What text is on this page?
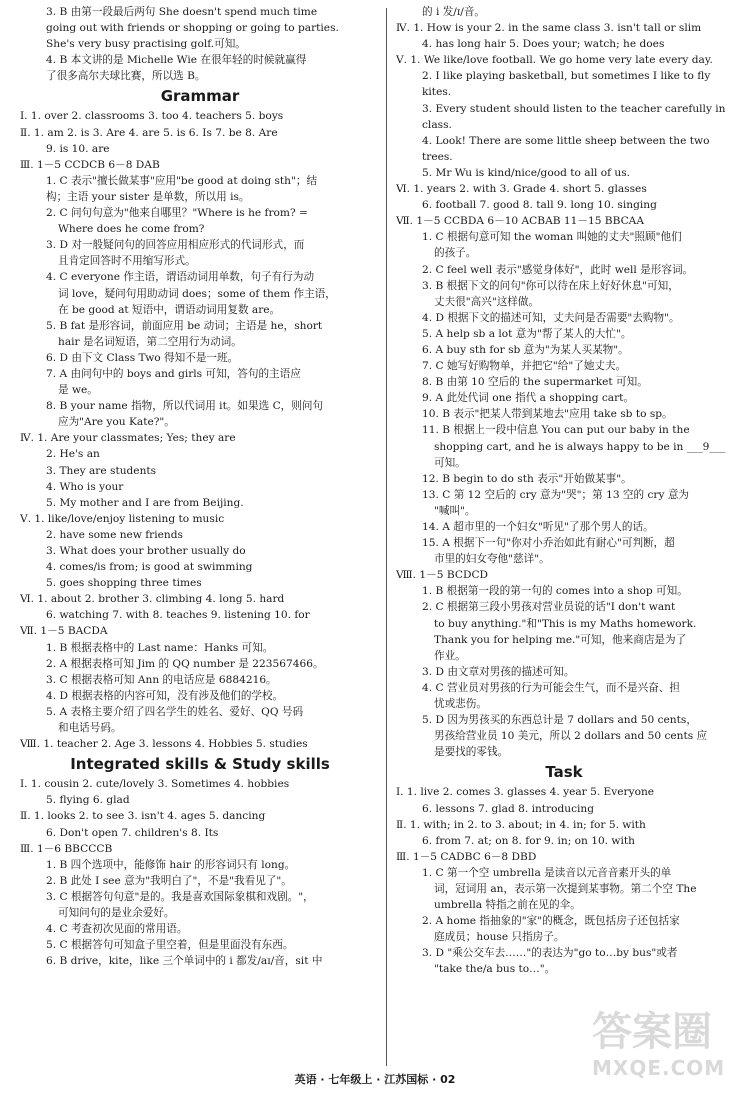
3. B 由第一段最后两句 She doesn't spend much time
going out with friends or shopping or going to parties.
She's very busy practising golf.可知。
4. B 本文讲的是 Michelle Wie 在很年轻的时候就赢得
了很多高尔夫球比赛，所以选 B。
Grammar
Ⅰ. 1. over 2. classrooms 3. too 4. teachers 5. boys
Ⅱ. 1. am 2. is 3. Are 4. are 5. is 6. Is 7. be 8. Are
9. is 10. are
Ⅲ. 1－5 CCDCB 6－8 DAB
1. C 表示"擅长做某事"应用"be good at doing sth"；结
构；主语 your sister 是单数，所以用 is。
2. C 问句句意为"他来自哪里？"Where is he from? =
Where does he come from?
3. D 对一般疑问句的回答应用相应形式的代词形式，而
且肯定回答时不用缩写形式。
4. C everyone 作主语，谓语动词用单数，句子有行为动
词 love，疑问句用助动词 does；some of them 作主语，
在 be good at 短语中，谓语动词用复数 are。
5. B fat 是形容词，前面应用 be 动词；主语是 he，short
hair 是名词短语，第二空用行为动词。
6. D 由下文 Class Two 得知不是一班。
7. A 由问句中的 boys and girls 可知，答句的主语应
是 we。
8. B your name 指物，所以代词用 it。如果选 C，则问句
应为"Are you Kate?"。
Ⅳ. 1. Are your classmates; Yes; they are
2. He's an
3. They are students
4. Who is your
5. My mother and I are from Beijing.
Ⅴ. 1. like/love/enjoy listening to music
2. have some new friends
3. What does your brother usually do
4. comes/is from; is good at swimming
5. goes shopping three times
Ⅵ. 1. about 2. brother 3. climbing 4. long 5. hard
6. watching 7. with 8. teaches 9. listening 10. for
Ⅶ. 1－5 BACDA
1. B 根据表格中的 Last name：Hanks 可知。
2. A 根据表格可知 Jim 的 QQ number 是 223567466。
3. C 根据表格可知 Ann 的电话应是 6884216。
4. D 根据表格的内容可知，没有涉及他们的学校。
5. A 表格主要介绍了四名学生的姓名、爱好、QQ 号码
和电话号码。
Ⅷ. 1. teacher 2. Age 3. lessons 4. Hobbies 5. studies
Integrated skills & Study skills
Ⅰ. 1. cousin 2. cute/lovely 3. Sometimes 4. hobbies
5. flying 6. glad
Ⅱ. 1. looks 2. to see 3. isn't 4. ages 5. dancing
6. Don't open 7. children's 8. Its
Ⅲ. 1－6 BBCCCB
1. B 四个选项中，能修饰 hair 的形容词只有 long。
2. B 此处 I see 意为"我明白了"，不是"我看见了"。
3. C 根据答句句意"是的。我是喜欢国际象棋和戏剧。"，
可知问句的是业余爱好。
4. C 考查初次见面的常用语。
5. C 根据答句可知盒子里空着，但是里面没有东西。
6. B drive，kite，like 三个单词中的 i 都发/aɪ/音，sit 中
的 i 发/ɪ/音。
Ⅳ. 1. How is your 2. in the same class 3. isn't tall or slim
4. has long hair 5. Does your; watch; he does
Ⅴ. 1. We like/love football. We go home very late every day.
2. I like playing basketball, but sometimes I like to fly
kites.
3. Every student should listen to the teacher carefully in
class.
4. Look! There are some little sheep between the two
trees.
5. Mr Wu is kind/nice/good to all of us.
Ⅵ. 1. years 2. with 3. Grade 4. short 5. glasses
6. football 7. good 8. tall 9. long 10. singing
Ⅶ. 1－5 CCBDA 6－10 ACBAB 11－15 BBCAA
1. C 根据句意可知 the woman 叫她的丈夫"照顾"他们
的孩子。
2. C feel well 表示"感觉身体好"，此时 well 是形容词。
3. B 根据下文的问句"你可以待在床上好好休息"可知，
丈夫很"高兴"这样做。
4. D 根据下文的描述可知，丈夫问是否需要"去购物"。
5. A help sb a lot 意为"帮了某人的大忙"。
6. A buy sth for sb 意为"为某人买某物"。
7. C 她写好购物单，并把它"给"了她丈夫。
8. B 由第 10 空后的 the supermarket 可知。
9. A 此处代词 one 指代 a shopping cart。
10. B 表示"把某人带到某地去"应用 take sb to sp。
11. B 根据上一段中信息 You can put our baby in the
shopping cart, and he is always happy to be in ___9___
可知。
12. B begin to do sth 表示"开始做某事"。
13. C 第 12 空后的 cry 意为"哭"；第 13 空的 cry 意为
"喊叫"。
14. A 超市里的一个妇女"听见"了那个男人的话。
15. A 根据下一句"你对小乔治如此有耐心"可判断，超
市里的妇女夸他"慈详"。
Ⅷ. 1－5 BCDCD
1. B 根据第一段的第一句的 comes into a shop 可知。
2. C 根据第三段小男孩对营业员说的话"I don't want
to buy anything."和"This is my Maths homework.
Thank you for helping me."可知，他来商店是为了
作业。
3. D 由文章对男孩的描述可知。
4. C 营业员对男孩的行为可能会生气，而不是兴奋、担
忧或悲伤。
5. D 因为男孩买的东西总计是 7 dollars and 50 cents，
男孩给营业员 10 美元，所以 2 dollars and 50 cents 应
是要找的零钱。
Task
Ⅰ. 1. live 2. comes 3. glasses 4. year 5. Everyone
6. lessons 7. glad 8. introducing
Ⅱ. 1. with; in 2. to 3. about; in 4. in; for 5. with
6. from 7. at; on 8. for 9. in; on 10. with
Ⅲ. 1－5 CADBC 6－8 DBD
1. C 第一个空 umbrella 是读音以元音音素开头的单
词，冠词用 an，表示第一次提到某事物。第二个空 The
umbrella 特指之前在见的伞。
2. A home 指抽象的"家"的概念，既包括房子还包括家
庭成员；house 只指房子。
3. D "乘公交车去……"的表达为"go to…by bus"或者
"take the/a bus to…"。
英语 · 七年级上 · 江苏国标 · 02
答案圈
MXQE.COM
